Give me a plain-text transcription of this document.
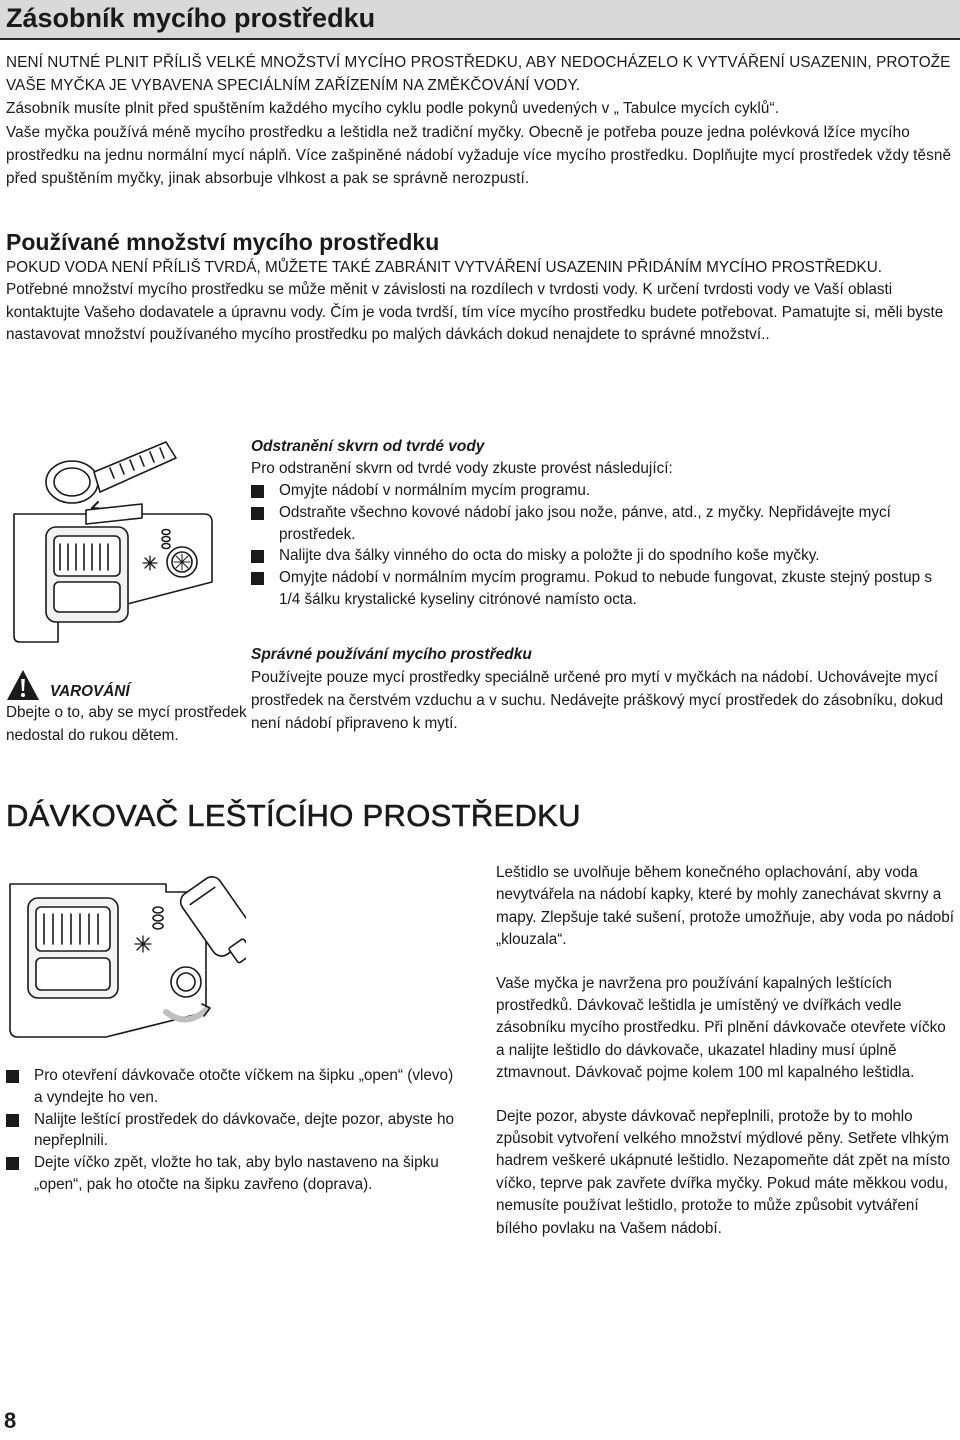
Zásobník mycího prostředku

NENÍ NUTNÉ PLNIT PŘÍLIŠ VELKÉ MNOŽSTVÍ MYCÍHO PROSTŘEDKU, ABY NEDOCHÁZELO K VYTVÁŘENÍ USAZENIN, PROTOŽE VAŠE MYČKA JE VYBAVENA SPECIÁLNÍM ZAŘÍZENÍM NA ZMĚKČOVÁNÍ VODY.

Zásobník musíte plnit před spuštěním každého mycího cyklu podle pokynů uvedených v „ Tabulce mycích cyklů“.

Vaše myčka používá méně mycího prostředku a leštidla než tradiční myčky. Obecně je potřeba pouze jedna polévková lžíce mycího prostředku na jednu normální mycí náplň. Více zašpiněné nádobí vyžaduje více mycího prostředku. Doplňujte mycí prostředek vždy těsně před spuštěním myčky, jinak absorbuje vlhkost a pak se správně nerozpustí.

Používané množství mycího prostředku

POKUD VODA NENÍ PŘÍLIŠ TVRDÁ, MŮŽETE TAKÉ ZABRÁNIT VYTVÁŘENÍ USAZENIN PŘIDÁNÍM MYCÍHO PROSTŘEDKU.

Potřebné množství mycího prostředku se může měnit v závislosti na rozdílech v tvrdosti vody. K určení tvrdosti vody ve Vaší oblasti kontaktujte Vašeho dodavatele a úpravnu vody. Čím je voda tvrdší, tím více mycího prostředku budete potřebovat. Pamatujte si, měli byste nastavovat množství používaného mycího prostředku po malých dávkách dokud nenajdete to správné množství..

Odstranění skvrn od tvrdé vody

Pro odstranění skvrn od tvrdé vody zkuste provést následující:

Omyjte nádobí v normálním mycím programu.
Odstraňte všechno kovové nádobí jako jsou nože, pánve, atd., z myčky. Nepřidávejte mycí prostředek.
Nalijte dva šálky vinného do octa do misky a položte ji do spodního koše myčky.
Omyjte nádobí v normálním mycím programu. Pokud to nebude fungovat, zkuste stejný postup s 1/4 šálku krystalické kyseliny citrónové namísto octa.
Správné používání mycího prostředku

Používejte pouze mycí prostředky speciálně určené pro mytí v myčkách na nádobí. Uchovávejte mycí prostředek na čerstvém vzduchu a v suchu. Nedávejte práškový mycí prostředek do zásobníku, dokud není nádobí připraveno k mytí.

VAROVÁNÍ
Dbejte o to, aby se mycí prostředek nedostal do rukou dětem.
DÁVKOVAČ LEŠTÍCÍHO PROSTŘEDKU
Pro otevření dávkovače otočte víčkem na šipku „open“ (vlevo) a vyndejte ho ven.
Nalijte leštící prostředek do dávkovače, dejte pozor, abyste ho nepřeplnili.
Dejte víčko zpět, vložte ho tak, aby bylo nastaveno na šipku „open“, pak ho otočte na šipku zavřeno (doprava).

Leštidlo se uvolňuje během konečného oplachování, aby voda nevytvářela na nádobí kapky, které by mohly zanechávat skvrny a mapy. Zlepšuje také sušení, protože umožňuje, aby voda po nádobí „klouzala“.

Vaše myčka je navržena pro používání kapalných leštících prostředků. Dávkovač leštidla je umístěný ve dvířkách vedle zásobníku mycího prostředku. Při plnění dávkovače otevřete víčko a nalijte leštidlo do dávkovače, ukazatel hladiny musí úplně ztmavnout. Dávkovač pojme kolem 100 ml kapalného leštidla.

Dejte pozor, abyste dávkovač nepřeplnili, protože by to mohlo způsobit vytvoření velkého množství mýdlové pěny. Setřete vlhkým hadrem veškeré ukápnuté leštidlo. Nezapomeňte dát zpět na místo víčko, teprve pak zavřete dvířka myčky. Pokud máte měkkou vodu, nemusíte používat leštidlo, protože to může způsobit vytváření bílého povlaku na Vašem nádobí.

8
